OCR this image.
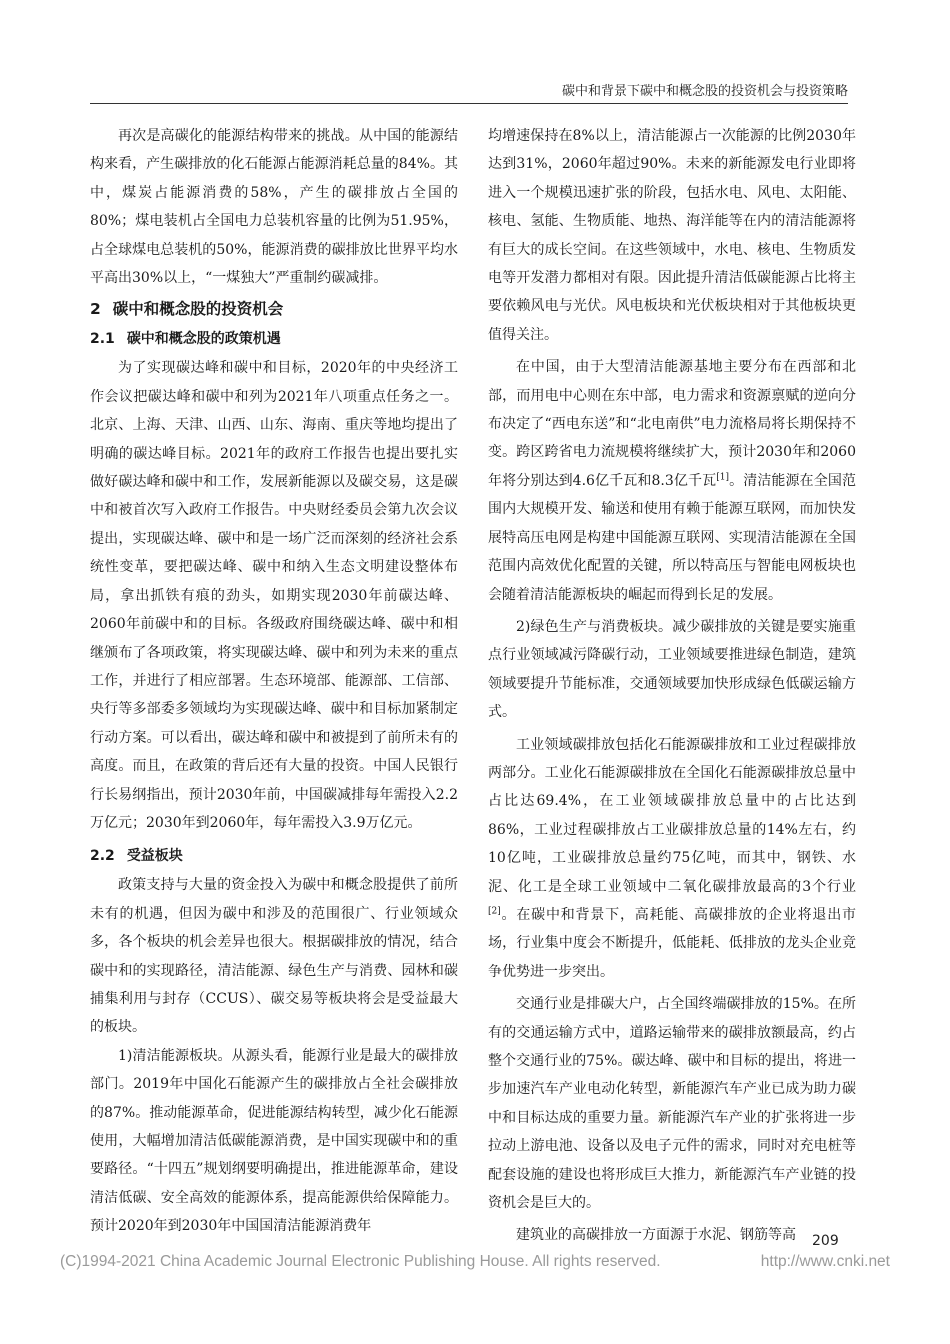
碳中和背景下碳中和概念股的投资机会与投资策略

再次是高碳化的能源结构带来的挑战。从中国的能源结构来看，产生碳排放的化石能源占能源消耗总量的84%。其中，煤炭占能源消费的58%，产生的碳排放占全国的80%；煤电装机占全国电力总装机容量的比例为51.95%，占全球煤电总装机的50%，能源消费的碳排放比世界平均水平高出30%以上，“一煤独大”严重制约碳减排。

2 碳中和概念股的投资机会
2.1 碳中和概念股的政策机遇

为了实现碳达峰和碳中和目标，2020年的中央经济工作会议把碳达峰和碳中和列为2021年八项重点任务之一。北京、上海、天津、山西、山东、海南、重庆等地均提出了明确的碳达峰目标。2021年的政府工作报告也提出要扎实做好碳达峰和碳中和工作，发展新能源以及碳交易，这是碳中和被首次写入政府工作报告。中央财经委员会第九次会议提出，实现碳达峰、碳中和是一场广泛而深刻的经济社会系统性变革，要把碳达峰、碳中和纳入生态文明建设整体布局，拿出抓铁有痕的劲头，如期实现2030年前碳达峰、2060年前碳中和的目标。各级政府围绕碳达峰、碳中和相继颁布了各项政策，将实现碳达峰、碳中和列为未来的重点工作，并进行了相应部署。生态环境部、能源部、工信部、央行等多部委多领域均为实现碳达峰、碳中和目标加紧制定行动方案。可以看出，碳达峰和碳中和被提到了前所未有的高度。而且，在政策的背后还有大量的投资。中国人民银行行长易纲指出，预计2030年前，中国碳减排每年需投入2.2万亿元；2030年到2060年，每年需投入3.9万亿元。

2.2 受益板块

政策支持与大量的资金投入为碳中和概念股提供了前所未有的机遇，但因为碳中和涉及的范围很广、行业领域众多，各个板块的机会差异也很大。根据碳排放的情况，结合碳中和的实现路径，清洁能源、绿色生产与消费、园林和碳捕集利用与封存（CCUS）、碳交易等板块将会是受益最大的板块。

1)清洁能源板块。从源头看，能源行业是最大的碳排放部门。2019年中国化石能源产生的碳排放占全社会碳排放的87%。推动能源革命，促进能源结构转型，减少化石能源使用，大幅增加清洁低碳能源消费，是中国实现碳中和的重要路径。“十四五”规划纲要明确提出，推进能源革命，建设清洁低碳、安全高效的能源体系，提高能源供给保障能力。预计2020年到2030年中国国清洁能源消费年

均增速保持在8%以上，清洁能源占一次能源的比例2030年达到31%，2060年超过90%。未来的新能源发电行业即将进入一个规模迅速扩张的阶段，包括水电、风电、太阳能、核电、氢能、生物质能、地热、海洋能等在内的清洁能源将有巨大的成长空间。在这些领域中，水电、核电、生物质发电等开发潜力都相对有限。因此提升清洁低碳能源占比将主要依赖风电与光伏。风电板块和光伏板块相对于其他板块更值得关注。

在中国，由于大型清洁能源基地主要分布在西部和北部，而用电中心则在东中部，电力需求和资源禀赋的逆向分布决定了“西电东送”和“北电南供”电力流格局将长期保持不变。跨区跨省电力流规模将继续扩大，预计2030年和2060年将分别达到4.6亿千瓦和8.3亿千瓦[1]。清洁能源在全国范围内大规模开发、输送和使用有赖于能源互联网，而加快发展特高压电网是构建中国能源互联网、实现清洁能源在全国范围内高效优化配置的关键，所以特高压与智能电网板块也会随着清洁能源板块的崛起而得到长足的发展。

2)绿色生产与消费板块。减少碳排放的关键是要实施重点行业领域减污降碳行动，工业领域要推进绿色制造，建筑领域要提升节能标准，交通领域要加快形成绿色低碳运输方式。

工业领域碳排放包括化石能源碳排放和工业过程碳排放两部分。工业化石能源碳排放在全国化石能源碳排放总量中占比达69.4%，在工业领域碳排放总量中的占比达到86%，工业过程碳排放占工业碳排放总量的14%左右，约10亿吨，工业碳排放总量约75亿吨，而其中，钢铁、水泥、化工是全球工业领域中二氧化碳排放最高的3个行业[2]。在碳中和背景下，高耗能、高碳排放的企业将退出市场，行业集中度会不断提升，低能耗、低排放的龙头企业竞争优势进一步突出。

交通行业是排碳大户，占全国终端碳排放的15%。在所有的交通运输方式中，道路运输带来的碳排放额最高，约占整个交通行业的75%。碳达峰、碳中和目标的提出，将进一步加速汽车产业电动化转型，新能源汽车产业已成为助力碳中和目标达成的重要力量。新能源汽车产业的扩张将进一步拉动上游电池、设备以及电子元件的需求，同时对充电桩等配套设施的建设也将形成巨大推力，新能源汽车产业链的投资机会是巨大的。

建筑业的高碳排放一方面源于水泥、钢筋等高	209
(C)1994-2021 China Academic Journal Electronic Publishing House. All rights reserved.	http://www.cnki.net
